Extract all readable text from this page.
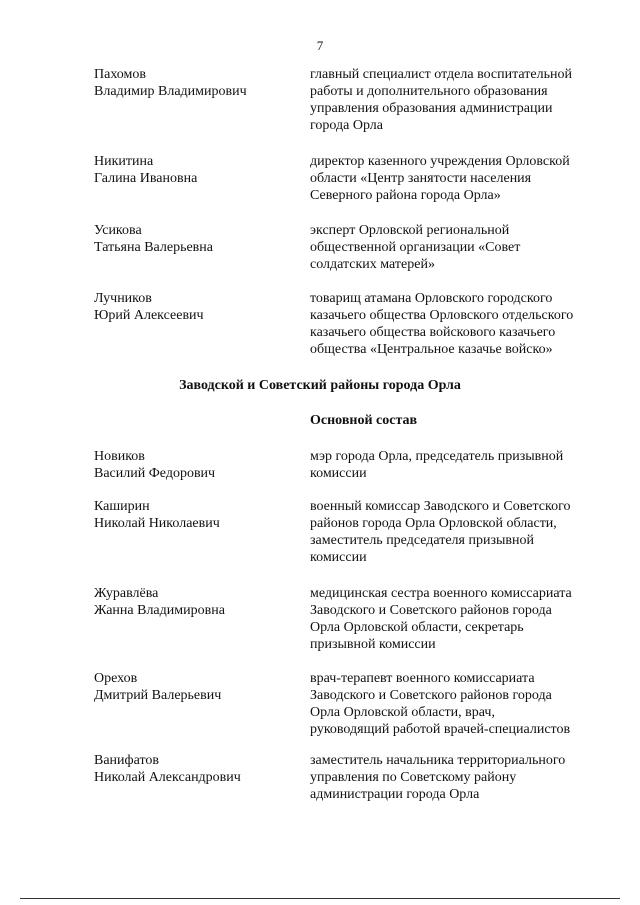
7
Пахомов
Владимир Владимирович
главный специалист отдела воспитательной
работы и дополнительного образования
управления образования администрации
города Орла
Никитина
Галина Ивановна
директор казенного учреждения Орловской
области «Центр занятости населения
Северного района города Орла»
Усикова
Татьяна Валерьевна
эксперт Орловской региональной
общественной организации «Совет
солдатских матерей»
Лучников
Юрий Алексеевич
товарищ атамана Орловского городского
казачьего общества Орловского отдельского
казачьего общества войскового казачьего
общества «Центральное казачье войско»
Заводской и Советский районы города Орла
Основной состав
Новиков
Василий Федорович
мэр города Орла, председатель призывной
комиссии
Каширин
Николай Николаевич
военный комиссар Заводского и Советского
районов города Орла Орловской области,
заместитель председателя призывной
комиссии
Журавлёва
Жанна Владимировна
медицинская сестра военного комиссариата
Заводского и Советского районов города
Орла Орловской области, секретарь
призывной комиссии
Орехов
Дмитрий Валерьевич
врач-терапевт военного комиссариата
Заводского и Советского районов города
Орла Орловской области, врач,
руководящий работой врачей-специалистов
Ванифатов
Николай Александрович
заместитель начальника территориального
управления по Советскому району
администрации города Орла
